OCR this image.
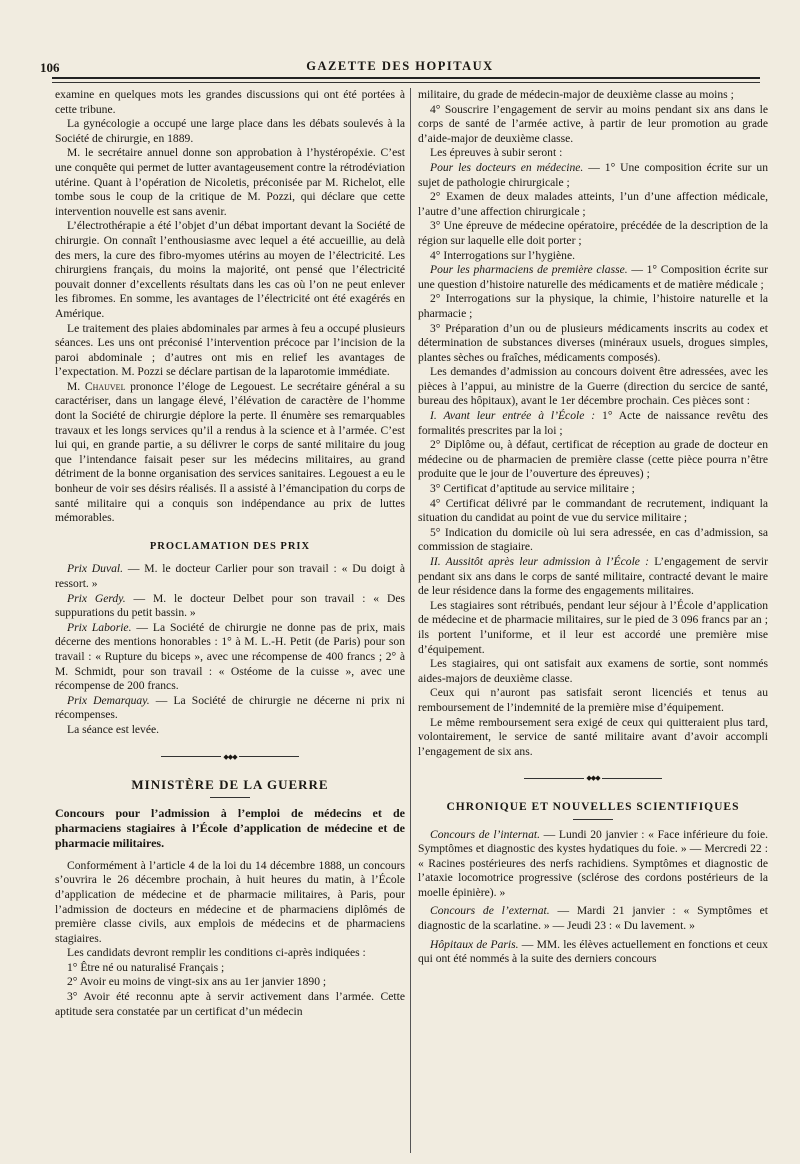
106	GAZETTE DES HOPITAUX

examine en quelques mots les grandes discussions qui ont été portées à cette tribune.

La gynécologie a occupé une large place dans les débats soulevés à la Société de chirurgie, en 1889.

M. le secrétaire annuel donne son approbation à l’hystéropéxie. C’est une conquête qui permet de lutter avantageusement contre la rétrodéviation utérine. Quant à l’opération de Nicoletis, préconisée par M. Richelot, elle tombe sous le coup de la critique de M. Pozzi, qui déclare que cette intervention nouvelle est sans avenir.

L’électrothérapie a été l’objet d’un débat important devant la Société de chirurgie. On connaît l’enthousiasme avec lequel a été accueillie, au delà des mers, la cure des fibro-myomes utérins au moyen de l’électricité. Les chirurgiens français, du moins la majorité, ont pensé que l’électricité pouvait donner d’excellents résultats dans les cas où l’on ne peut enlever les fibromes. En somme, les avantages de l’électricité ont été exagérés en Amérique.

Le traitement des plaies abdominales par armes à feu a occupé plusieurs séances. Les uns ont préconisé l’intervention précoce par l’incision de la paroi abdominale ; d’autres ont mis en relief les avantages de l’expectation. M. Pozzi se déclare partisan de la laparotomie immédiate.

M. Chauvel prononce l’éloge de Legouest. Le secrétaire général a su caractériser, dans un langage élevé, l’élévation de caractère de l’homme dont la Société de chirurgie déplore la perte. Il énumère ses remarquables travaux et les longs services qu’il a rendus à la science et à l’armée. C’est lui qui, en grande partie, a su délivrer le corps de santé militaire du joug que l’intendance faisait peser sur les médecins militaires, au grand détriment de la bonne organisation des services sanitaires. Legouest a eu le bonheur de voir ses désirs réalisés. Il a assisté à l’émancipation du corps de santé militaire qui a conquis son indépendance au prix de luttes mémorables.

PROCLAMATION DES PRIX

Prix Duval. — M. le docteur Carlier pour son travail : « Du doigt à ressort. »

Prix Gerdy. — M. le docteur Delbet pour son travail : « Des suppurations du petit bassin. »

Prix Laborie. — La Société de chirurgie ne donne pas de prix, mais décerne des mentions honorables : 1° à M. L.-H. Petit (de Paris) pour son travail : « Rupture du biceps », avec une récompense de 400 francs ; 2° à M. Schmidt, pour son travail : « Ostéome de la cuisse », avec une récompense de 200 francs.

Prix Demarquay. — La Société de chirurgie ne décerne ni prix ni récompenses.

La séance est levée.

◆◆◆
MINISTÈRE DE LA GUERRE
Concours pour l’admission à l’emploi de médecins et de pharmaciens stagiaires à l’École d’application de médecine et de pharmacie militaires.

Conformément à l’article 4 de la loi du 14 décembre 1888, un concours s’ouvrira le 26 décembre prochain, à huit heures du matin, à l’École d’application de médecine et de pharmacie militaires, à Paris, pour l’admission de docteurs en médecine et de pharmaciens diplômés de première classe civils, aux emplois de médecins et de pharmaciens stagiaires.

Les candidats devront remplir les conditions ci-après indiquées :

1° Être né ou naturalisé Français ;

2° Avoir eu moins de vingt-six ans au 1er janvier 1890 ;

3° Avoir été reconnu apte à servir activement dans l’armée. Cette aptitude sera constatée par un certificat d’un médecin

militaire, du grade de médecin-major de deuxième classe au moins ;

4° Souscrire l’engagement de servir au moins pendant six ans dans le corps de santé de l’armée active, à partir de leur promotion au grade d’aide-major de deuxième classe.

Les épreuves à subir seront :

Pour les docteurs en médecine. — 1° Une composition écrite sur un sujet de pathologie chirurgicale ;

2° Examen de deux malades atteints, l’un d’une affection médicale, l’autre d’une affection chirurgicale ;

3° Une épreuve de médecine opératoire, précédée de la description de la région sur laquelle elle doit porter ;

4° Interrogations sur l’hygiène.

Pour les pharmaciens de première classe. — 1° Composition écrite sur une question d’histoire naturelle des médicaments et de matière médicale ;

2° Interrogations sur la physique, la chimie, l’histoire naturelle et la pharmacie ;

3° Préparation d’un ou de plusieurs médicaments inscrits au codex et détermination de substances diverses (minéraux usuels, drogues simples, plantes sèches ou fraîches, médicaments composés).

Les demandes d’admission au concours doivent être adressées, avec les pièces à l’appui, au ministre de la Guerre (direction du sercice de santé, bureau des hôpitaux), avant le 1er décembre prochain. Ces pièces sont :

I. Avant leur entrée à l’École : 1° Acte de naissance revêtu des formalités prescrites par la loi ;

2° Diplôme ou, à défaut, certificat de réception au grade de docteur en médecine ou de pharmacien de première classe (cette pièce pourra n’être produite que le jour de l’ouverture des épreuves) ;

3° Certificat d’aptitude au service militaire ;

4° Certificat délivré par le commandant de recrutement, indiquant la situation du candidat au point de vue du service militaire ;

5° Indication du domicile où lui sera adressée, en cas d’admission, sa commission de stagiaire.

II. Aussitôt après leur admission à l’École : L’engagement de servir pendant six ans dans le corps de santé militaire, contracté devant le maire de leur résidence dans la forme des engagements militaires.

Les stagiaires sont rétribués, pendant leur séjour à l’École d’application de médecine et de pharmacie militaires, sur le pied de 3 096 francs par an ; ils portent l’uniforme, et il leur est accordé une première mise d’équipement.

Les stagiaires, qui ont satisfait aux examens de sortie, sont nommés aides-majors de deuxième classe.

Ceux qui n’auront pas satisfait seront licenciés et tenus au remboursement de l’indemnité de la première mise d’équipement.

Le même remboursement sera exigé de ceux qui quitteraient plus tard, volontairement, le service de santé militaire avant d’avoir accompli l’engagement de six ans.

◆◆◆
CHRONIQUE ET NOUVELLES SCIENTIFIQUES

Concours de l’internat. — Lundi 20 janvier : « Face inférieure du foie. Symptômes et diagnostic des kystes hydatiques du foie. » — Mercredi 22 : « Racines postérieures des nerfs rachidiens. Symptômes et diagnostic de l’ataxie locomotrice progressive (sclérose des cordons postérieurs de la moelle épinière). »

Concours de l’externat. — Mardi 21 janvier : « Symptômes et diagnostic de la scarlatine. » — Jeudi 23 : « Du lavement. »

Hôpitaux de Paris. — MM. les élèves actuellement en fonctions et ceux qui ont été nommés à la suite des derniers concours
